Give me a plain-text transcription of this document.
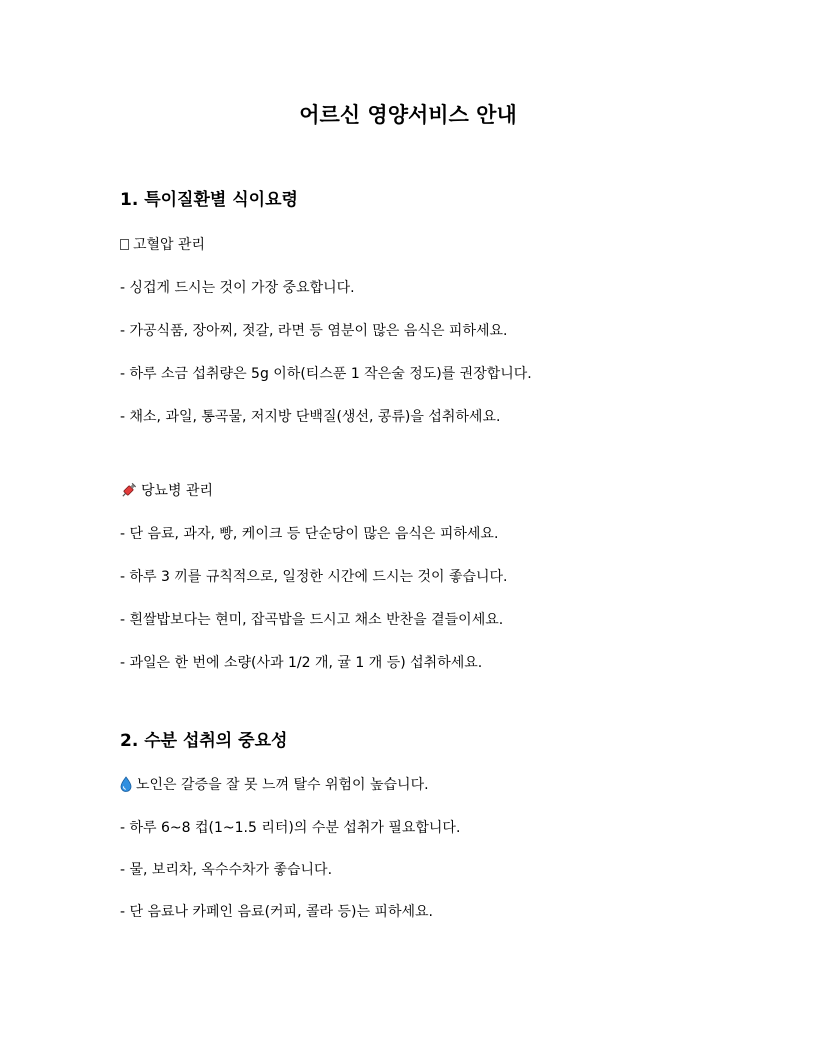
어르신 영양서비스 안내
1. 특이질환별 식이요령
고혈압 관리
- 싱겁게 드시는 것이 가장 중요합니다.
- 가공식품, 장아찌, 젓갈, 라면 등 염분이 많은 음식은 피하세요.
- 하루 소금 섭취량은 5g 이하(티스푼 1 작은술 정도)를 권장합니다.
- 채소, 과일, 통곡물, 저지방 단백질(생선, 콩류)을 섭취하세요.
당뇨병 관리
- 단 음료, 과자, 빵, 케이크 등 단순당이 많은 음식은 피하세요.
- 하루 3 끼를 규칙적으로, 일정한 시간에 드시는 것이 좋습니다.
- 흰쌀밥보다는 현미, 잡곡밥을 드시고 채소 반찬을 곁들이세요.
- 과일은 한 번에 소량(사과 1/2 개, 귤 1 개 등) 섭취하세요.
2. 수분 섭취의 중요성
노인은 갈증을 잘 못 느껴 탈수 위험이 높습니다.
- 하루 6~8 컵(1~1.5 리터)의 수분 섭취가 필요합니다.
- 물, 보리차, 옥수수차가 좋습니다.
- 단 음료나 카페인 음료(커피, 콜라 등)는 피하세요.
